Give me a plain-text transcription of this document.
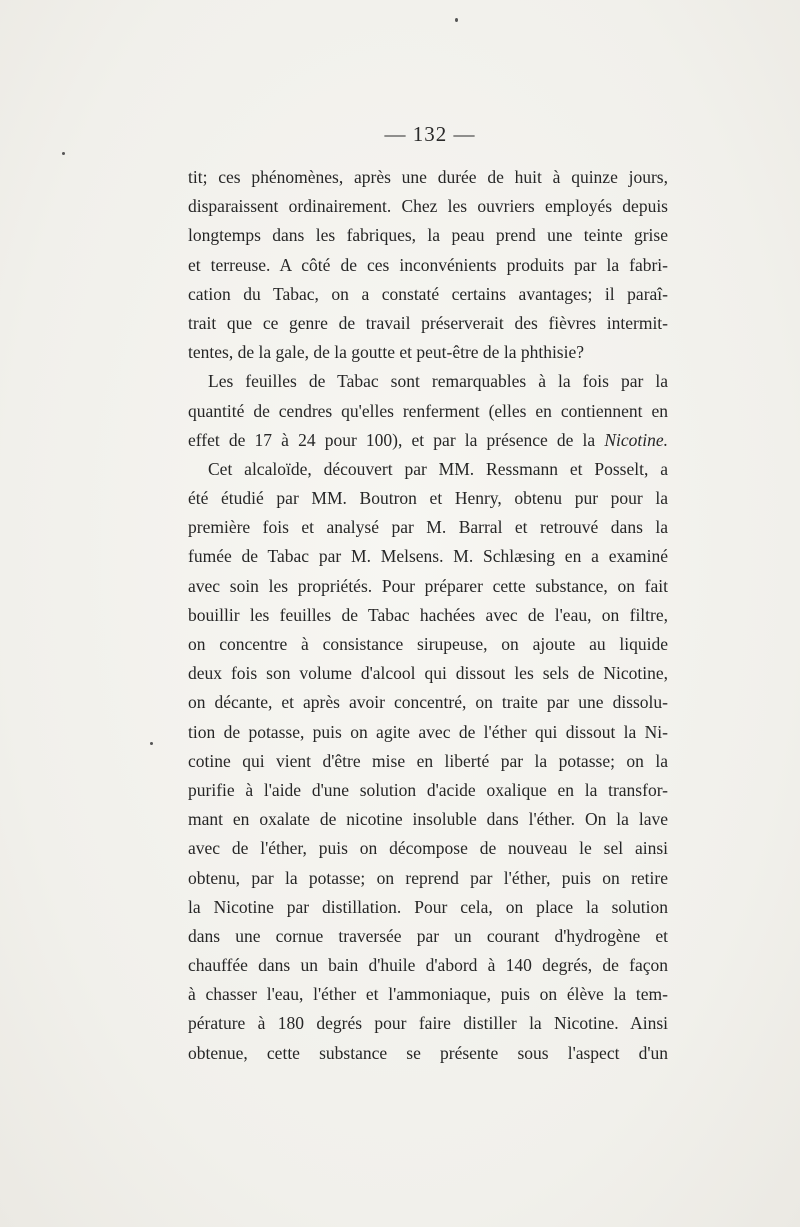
— 132 —
tit; ces phénomènes, après une durée de huit à quinze jours,
disparaissent ordinairement. Chez les ouvriers employés depuis
longtemps dans les fabriques, la peau prend une teinte grise
et terreuse. A côté de ces inconvénients produits par la fabri-
cation du Tabac, on a constaté certains avantages; il paraî-
trait que ce genre de travail préserverait des fièvres intermit-
tentes, de la gale, de la goutte et peut-être de la phthisie?
Les feuilles de Tabac sont remarquables à la fois par la
quantité de cendres qu'elles renferment (elles en contiennent en
effet de 17 à 24 pour 100), et par la présence de la Nicotine.
Cet alcaloïde, découvert par MM. Ressmann et Posselt, a
été étudié par MM. Boutron et Henry, obtenu pur pour la
première fois et analysé par M. Barral et retrouvé dans la
fumée de Tabac par M. Melsens. M. Schlæsing en a examiné
avec soin les propriétés. Pour préparer cette substance, on fait
bouillir les feuilles de Tabac hachées avec de l'eau, on filtre,
on concentre à consistance sirupeuse, on ajoute au liquide
deux fois son volume d'alcool qui dissout les sels de Nicotine,
on décante, et après avoir concentré, on traite par une dissolu-
tion de potasse, puis on agite avec de l'éther qui dissout la Ni-
cotine qui vient d'être mise en liberté par la potasse; on la
purifie à l'aide d'une solution d'acide oxalique en la transfor-
mant en oxalate de nicotine insoluble dans l'éther. On la lave
avec de l'éther, puis on décompose de nouveau le sel ainsi
obtenu, par la potasse; on reprend par l'éther, puis on retire
la Nicotine par distillation. Pour cela, on place la solution
dans une cornue traversée par un courant d'hydrogène et
chauffée dans un bain d'huile d'abord à 140 degrés, de façon
à chasser l'eau, l'éther et l'ammoniaque, puis on élève la tem-
pérature à 180 degrés pour faire distiller la Nicotine. Ainsi
obtenue, cette substance se présente sous l'aspect d'un
